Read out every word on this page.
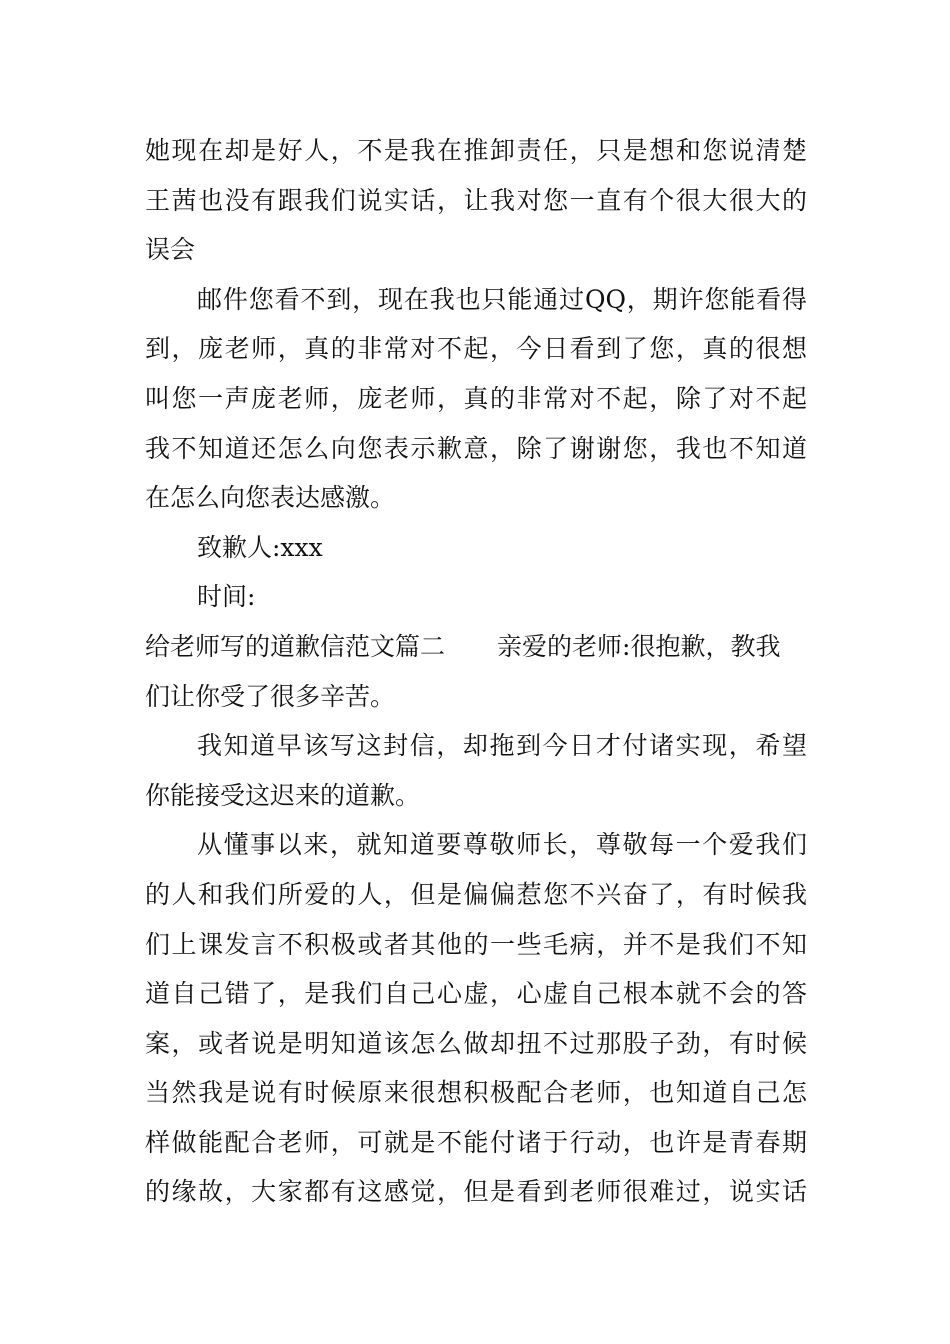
她现在却是好人，不是我在推卸责任，只是想和您说清楚
王茜也没有跟我们说实话，让我对您一直有个很大很大的
误会
邮件您看不到，现在我也只能通过QQ，期许您能看得
到，庞老师，真的非常对不起，今日看到了您，真的很想
叫您一声庞老师，庞老师，真的非常对不起，除了对不起
我不知道还怎么向您表示歉意，除了谢谢您，我也不知道
在怎么向您表达感激。
致歉人:xxx
时间:
给老师写的道歉信范文篇二 亲爱的老师:很抱歉，教我
们让你受了很多辛苦。
我知道早该写这封信，却拖到今日才付诸实现，希望
你能接受这迟来的道歉。
从懂事以来，就知道要尊敬师长，尊敬每一个爱我们
的人和我们所爱的人，但是偏偏惹您不兴奋了，有时候我
们上课发言不积极或者其他的一些毛病，并不是我们不知
道自己错了，是我们自己心虚，心虚自己根本就不会的答
案，或者说是明知道该怎么做却扭不过那股子劲，有时候
当然我是说有时候原来很想积极配合老师，也知道自己怎
样做能配合老师，可就是不能付诸于行动，也许是青春期
的缘故，大家都有这感觉，但是看到老师很难过，说实话
